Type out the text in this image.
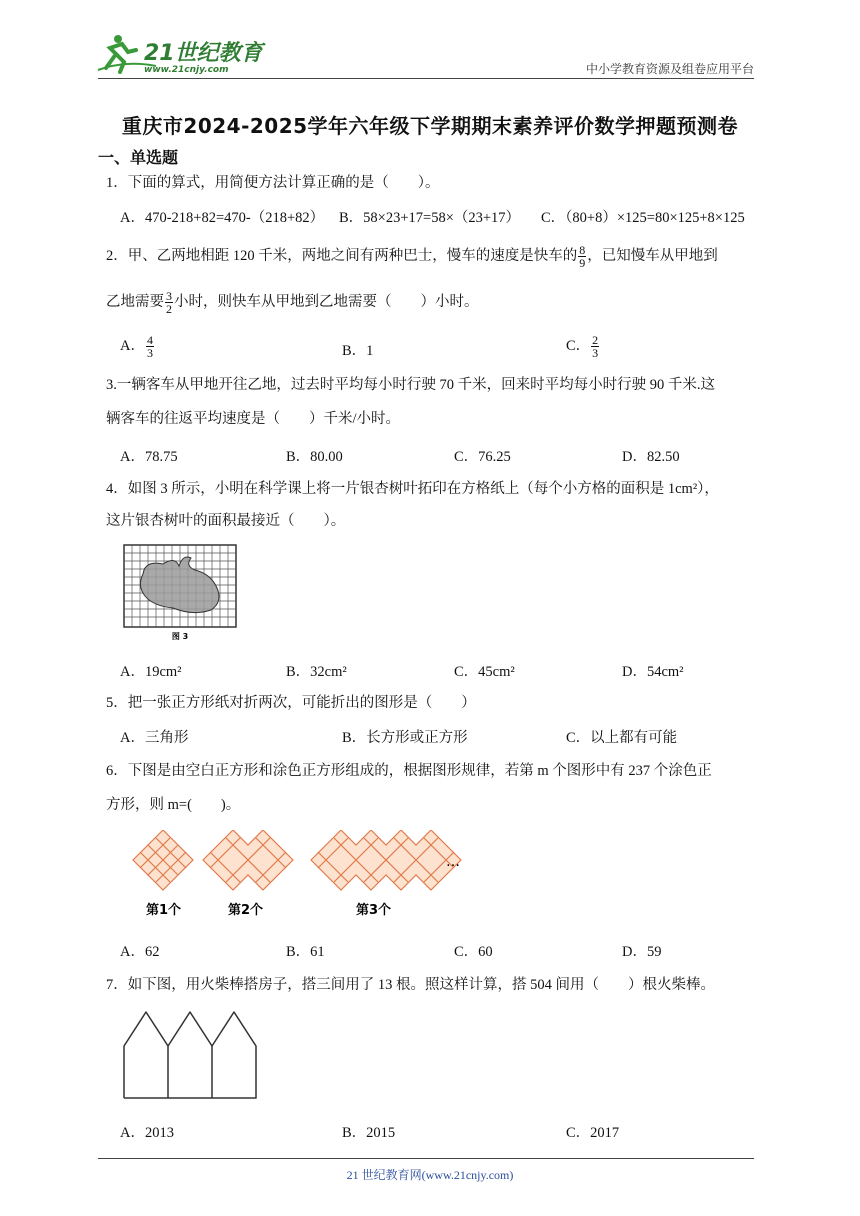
21世纪教育
www.21cnjy.com	中小学教育资源及组卷应用平台
重庆市2024-2025学年六年级下学期期末素养评价数学押题预测卷
一、单选题
1．下面的算式，用简便方法计算正确的是（　　）。
A．470-218+82=470-（218+82） B．58×23+17=58×（23+17） C．（80+8）×125=80×125+8×125
2．甲、乙两地相距 120 千米，两地之间有两种巴士，慢车的速度是快车的 $\frac{8}{9}$ ，已知慢车从甲地到
乙地需要 $\frac{3}{2}$ 小时，则快车从甲地到乙地需要（　　）小时。
A． $\frac{4}{3}$	B．1	C． $\frac{2}{3}$
3.一辆客车从甲地开往乙地，过去时平均每小时行驶 70 千米，回来时平均每小时行驶 90 千米.这
辆客车的往返平均速度是（　　）千米/小时。
A．78.75	B．80.00	C．76.25	D．82.50
4．如图 3 所示，小明在科学课上将一片银杏树叶拓印在方格纸上（每个小方格的面积是 1cm²），
这片银杏树叶的面积最接近（　　）。
图 3
A．19cm²	B．32cm²	C．45cm²	D．54cm²
5．把一张正方形纸对折两次，可能折出的图形是（　　）
A．三角形	B．长方形或正方形	C．以上都有可能
6．下图是由空白正方形和涂色正方形组成的，根据图形规律，若第 m 个图形中有 237 个涂色正
方形，则 m=(　　)。
…
第1个	第2个	第3个
A．62	B．61	C．60	D．59
7．如下图，用火柴棒搭房子，搭三间用了 13 根。照这样计算，搭 504 间用（　　）根火柴棒。
A．2013	B．2015	C．2017
21 世纪教育网(www.21cnjy.com)
